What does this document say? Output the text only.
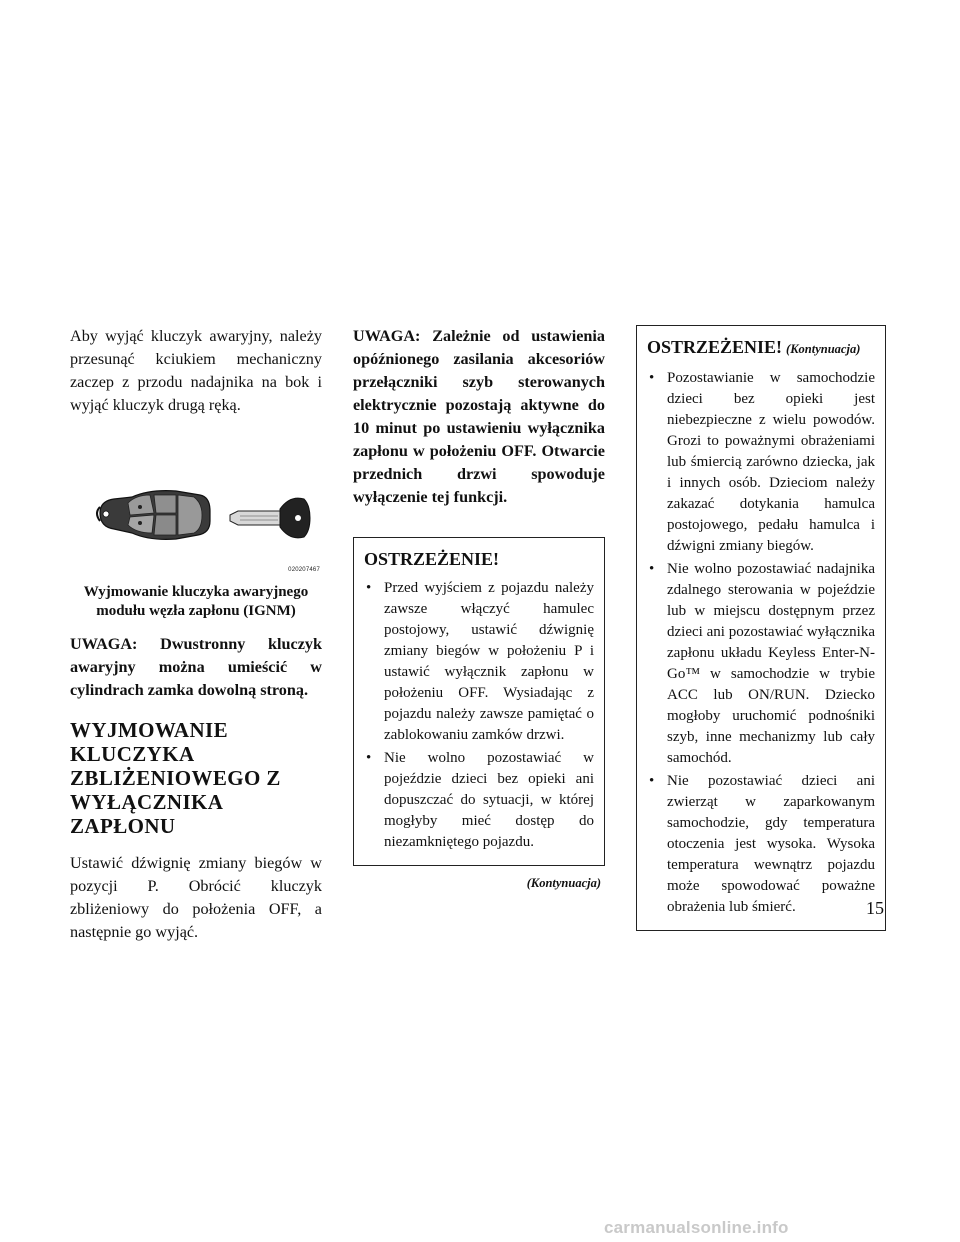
Aby wyjąć kluczyk awaryjny, należy przesunąć kciukiem mechaniczny zaczep z przodu nadajnika na bok i wyjąć kluczyk drugą ręką.

020207467

Wyjmowanie kluczyka awaryjnego modułu węzła zapłonu (IGNM)

UWAGA: Dwustronny kluczyk awaryjny można umieścić w cylindrach zamka dowolną stroną.

WYJMOWANIE KLUCZYKA ZBLIŻENIOWEGO Z WYŁĄCZNIKA ZAPŁONU

Ustawić dźwignię zmiany biegów w pozycji P. Obrócić kluczyk zbliżeniowy do położenia OFF, a następnie go wyjąć.

UWAGA: Zależnie od ustawienia opóźnionego zasilania akcesoriów przełączniki szyb sterowanych elektrycznie pozostają aktywne do 10 minut po ustawieniu wyłącznika zapłonu w położeniu OFF. Otwarcie przednich drzwi spowoduje wyłączenie tej funkcji.

OSTRZEŻENIE!
• Przed wyjściem z pojazdu należy zawsze włączyć hamulec postojowy, ustawić dźwignię zmiany biegów w położeniu P i ustawić wyłącznik zapłonu w położeniu OFF. Wysiadając z pojazdu należy zawsze pamiętać o zablokowaniu zamków drzwi.
• Nie wolno pozostawiać w pojeździe dzieci bez opieki ani dopuszczać do sytuacji, w której mogłyby mieć dostęp do niezamkniętego pojazdu.
(Kontynuacja)
OSTRZEŻENIE! (Kontynuacja)
• Pozostawianie w samochodzie dzieci bez opieki jest niebezpieczne z wielu powodów. Grozi to poważnymi obrażeniami lub śmiercią zarówno dziecka, jak i innych osób. Dzieciom należy zakazać dotykania hamulca postojowego, pedału hamulca i dźwigni zmiany biegów.
• Nie wolno pozostawiać nadajnika zdalnego sterowania w pojeździe lub w miejscu dostępnym przez dzieci ani pozostawiać wyłącznika zapłonu układu Keyless Enter-N-Go™ w samochodzie w trybie ACC lub ON/RUN. Dziecko mogłoby uruchomić podnośniki szyb, inne mechanizmy lub cały samochód.
• Nie pozostawiać dzieci ani zwierząt w zaparkowanym samochodzie, gdy temperatura otoczenia jest wysoka. Wysoka temperatura wewnątrz pojazdu może spowodować poważne obrażenia lub śmierć.	15
carmanualsonline.info
